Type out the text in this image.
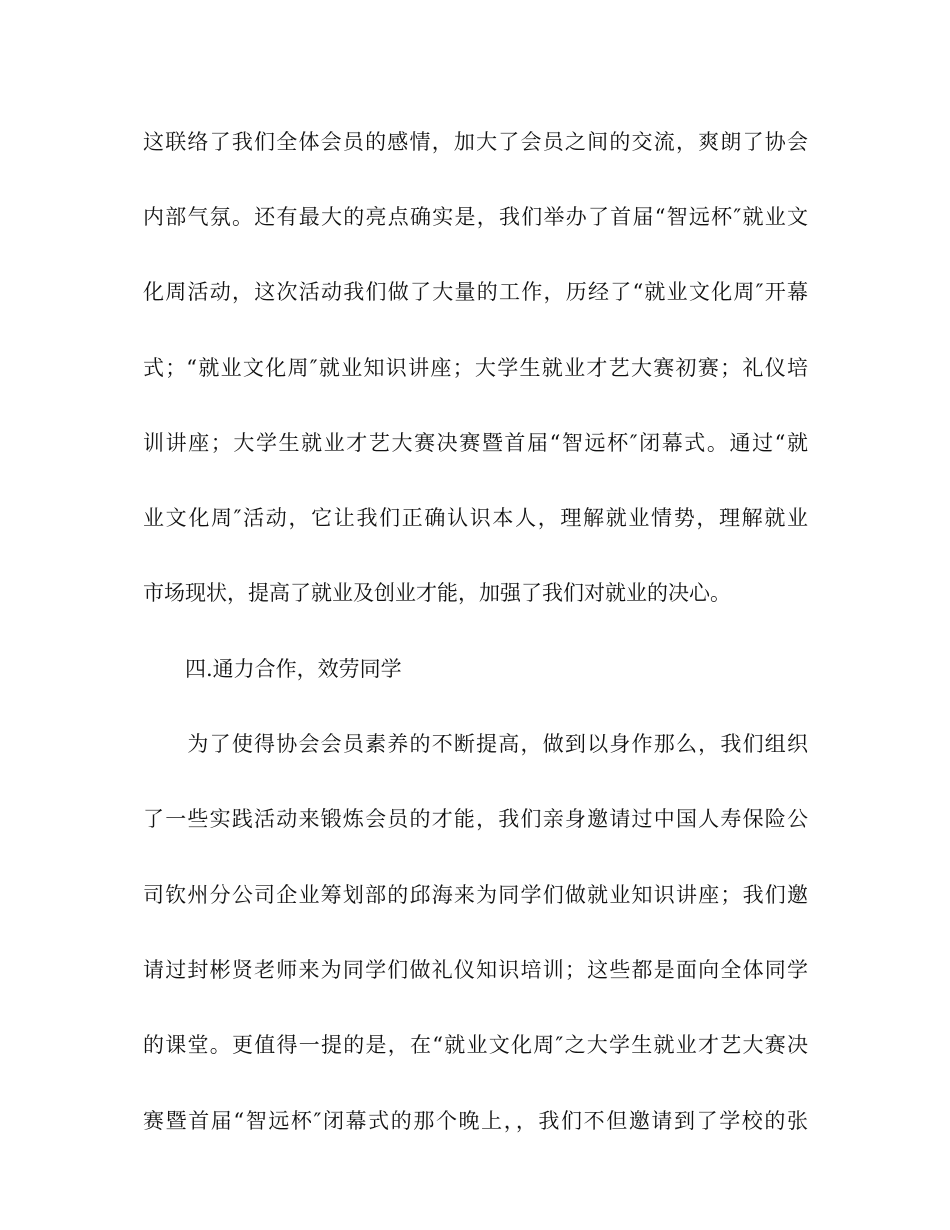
这联络了我们全体会员的感情，加大了会员之间的交流，爽朗了协会
内部气氛。还有最大的亮点确实是，我们举办了首届“智远杯″就业文
化周活动，这次活动我们做了大量的工作，历经了“就业文化周″开幕
式；“就业文化周″就业知识讲座；大学生就业才艺大赛初赛；礼仪培
训讲座；大学生就业才艺大赛决赛暨首届“智远杯″闭幕式。通过“就
业文化周″活动，它让我们正确认识本人，理解就业情势，理解就业
市场现状，提高了就业及创业才能，加强了我们对就业的决心。
　　四.通力合作，效劳同学
　　为了使得协会会员素养的不断提高，做到以身作那么，我们组织
了一些实践活动来锻炼会员的才能，我们亲身邀请过中国人寿保险公
司钦州分公司企业筹划部的邱海来为同学们做就业知识讲座；我们邀
请过封彬贤老师来为同学们做礼仪知识培训；这些都是面向全体同学
的课堂。更值得一提的是，在“就业文化周″之大学生就业才艺大赛决
赛暨首届“智远杯″闭幕式的那个晚上，，我们不但邀请到了学校的张
